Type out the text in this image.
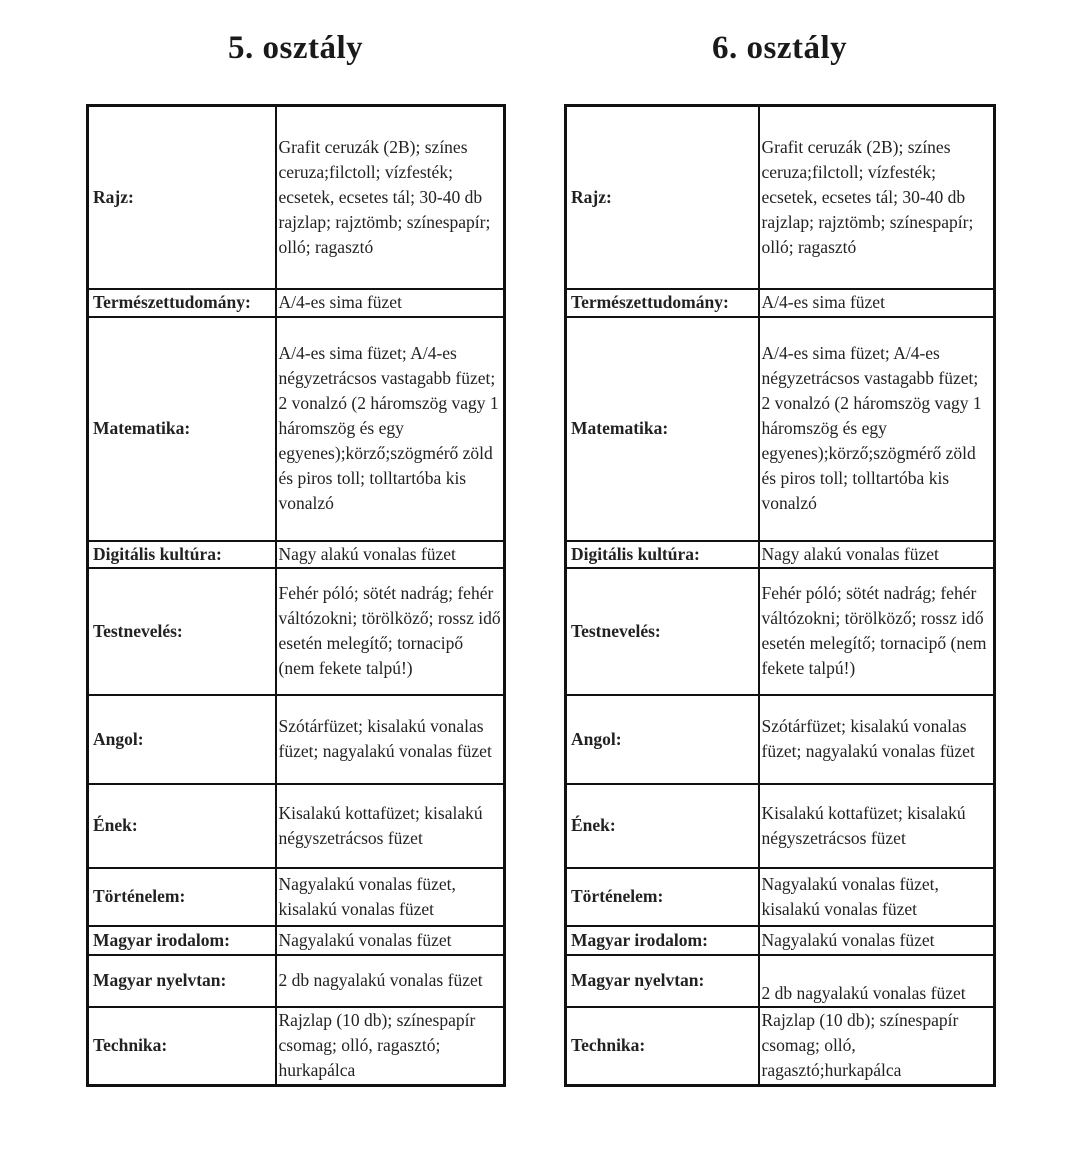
5. osztály	6. osztály
Rajz:	Grafit ceruzák (2B); színes ceruza;filctoll; vízfesték; ecsetek, ecsetes tál; 30-40 db rajzlap; rajztömb; színespapír; olló; ragasztó
Természettudomány:	A/4-es sima füzet
Matematika:	A/4-es sima füzet; A/4-es négyzetrácsos vastagabb füzet; 2 vonalzó (2 háromszög vagy 1 háromszög és egy egyenes);körző;szögmérő zöld és piros toll; tolltartóba kis vonalzó
Digitális kultúra:	Nagy alakú vonalas füzet
Testnevelés:	Fehér póló; sötét nadrág; fehér váltózokni; törölköző; rossz idő esetén melegítő; tornacipő (nem fekete talpú!)
Angol:	Szótárfüzet; kisalakú vonalas füzet; nagyalakú vonalas füzet
Ének:	Kisalakú kottafüzet; kisalakú négyszetrácsos füzet
Történelem:	Nagyalakú vonalas füzet, kisalakú vonalas füzet
Magyar irodalom:	Nagyalakú vonalas füzet
Magyar nyelvtan:	2 db nagyalakú vonalas füzet
Technika:	Rajzlap (10 db); színespapír csomag; olló, ragasztó; hurkapálca
Rajz:	Grafit ceruzák (2B); színes ceruza;filctoll; vízfesték; ecsetek, ecsetes tál; 30-40 db rajzlap; rajztömb; színespapír; olló; ragasztó
Természettudomány:	A/4-es sima füzet
Matematika:	A/4-es sima füzet; A/4-es négyzetrácsos vastagabb füzet; 2 vonalzó (2 háromszög vagy 1 háromszög és egy egyenes);körző;szögmérő zöld és piros toll; tolltartóba kis vonalzó
Digitális kultúra:	Nagy alakú vonalas füzet
Testnevelés:	Fehér póló; sötét nadrág; fehér váltózokni; törölköző; rossz idő esetén melegítő; tornacipő (nem fekete talpú!)
Angol:	Szótárfüzet; kisalakú vonalas füzet; nagyalakú vonalas füzet
Ének:	Kisalakú kottafüzet; kisalakú négyszetrácsos füzet
Történelem:	Nagyalakú vonalas füzet, kisalakú vonalas füzet
Magyar irodalom:	Nagyalakú vonalas füzet
Magyar nyelvtan:	2 db nagyalakú vonalas füzet
Technika:	Rajzlap (10 db); színespapír csomag; olló, ragasztó;hurkapálca
